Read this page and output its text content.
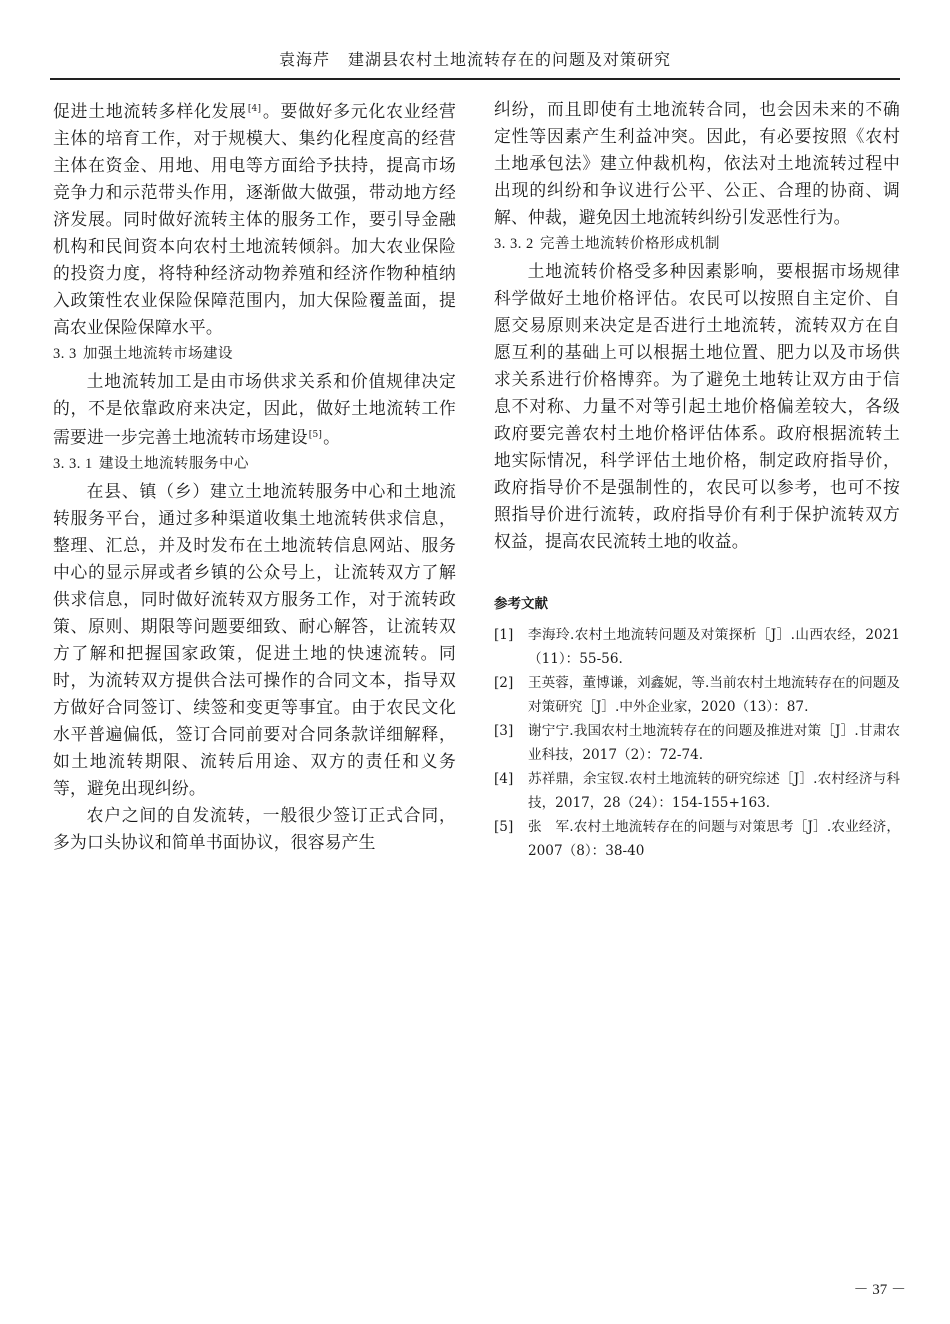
袁海芹 建湖县农村土地流转存在的问题及对策研究

促进土地流转多样化发展[4]。要做好多元化农业经营主体的培育工作，对于规模大、集约化程度高的经营主体在资金、用地、用电等方面给予扶持，提高市场竞争力和示范带头作用，逐渐做大做强，带动地方经济发展。同时做好流转主体的服务工作，要引导金融机构和民间资本向农村土地流转倾斜。加大农业保险的投资力度，将特种经济动物养殖和经济作物种植纳入政策性农业保险保障范围内，加大保险覆盖面，提高农业保险保障水平。

3. 3 加强土地流转市场建设

土地流转加工是由市场供求关系和价值规律决定的，不是依靠政府来决定，因此，做好土地流转工作需要进一步完善土地流转市场建设[5]。

3. 3. 1 建设土地流转服务中心

在县、镇（乡）建立土地流转服务中心和土地流转服务平台，通过多种渠道收集土地流转供求信息，整理、汇总，并及时发布在土地流转信息网站、服务中心的显示屏或者乡镇的公众号上，让流转双方了解供求信息，同时做好流转双方服务工作，对于流转政策、原则、期限等问题要细致、耐心解答，让流转双方了解和把握国家政策，促进土地的快速流转。同时，为流转双方提供合法可操作的合同文本，指导双方做好合同签订、续签和变更等事宜。由于农民文化水平普遍偏低，签订合同前要对合同条款详细解释，如土地流转期限、流转后用途、双方的责任和义务等，避免出现纠纷。

农户之间的自发流转，一般很少签订正式合同，多为口头协议和简单书面协议，很容易产生

纠纷，而且即使有土地流转合同，也会因未来的不确定性等因素产生利益冲突。因此，有必要按照《农村土地承包法》建立仲裁机构，依法对土地流转过程中出现的纠纷和争议进行公平、公正、合理的协商、调解、仲裁，避免因土地流转纠纷引发恶性行为。

3. 3. 2 完善土地流转价格形成机制

土地流转价格受多种因素影响，要根据市场规律科学做好土地价格评估。农民可以按照自主定价、自愿交易原则来决定是否进行土地流转，流转双方在自愿互利的基础上可以根据土地位置、肥力以及市场供求关系进行价格博弈。为了避免土地转让双方由于信息不对称、力量不对等引起土地价格偏差较大，各级政府要完善农村土地价格评估体系。政府根据流转土地实际情况，科学评估土地价格，制定政府指导价，政府指导价不是强制性的，农民可以参考，也可不按照指导价进行流转，政府指导价有利于保护流转双方权益，提高农民流转土地的收益。

参考文献

[1] 李海玲.农村土地流转问题及对策探析［J］.山西农经，2021（11）：55-56.

[2] 王英蓉，董博谦，刘鑫妮，等.当前农村土地流转存在的问题及对策研究［J］.中外企业家，2020（13）：87.

[3] 谢宁宁.我国农村土地流转存在的问题及推进对策［J］.甘肃农业科技，2017（2）：72-74.

[4] 苏祥鼎，余宝钗.农村土地流转的研究综述［J］.农村经济与科技，2017，28（24）：154-155+163.

[5] 张　军.农村土地流转存在的问题与对策思考［J］.农业经济，2007（8）：38-40

－ 37 －
